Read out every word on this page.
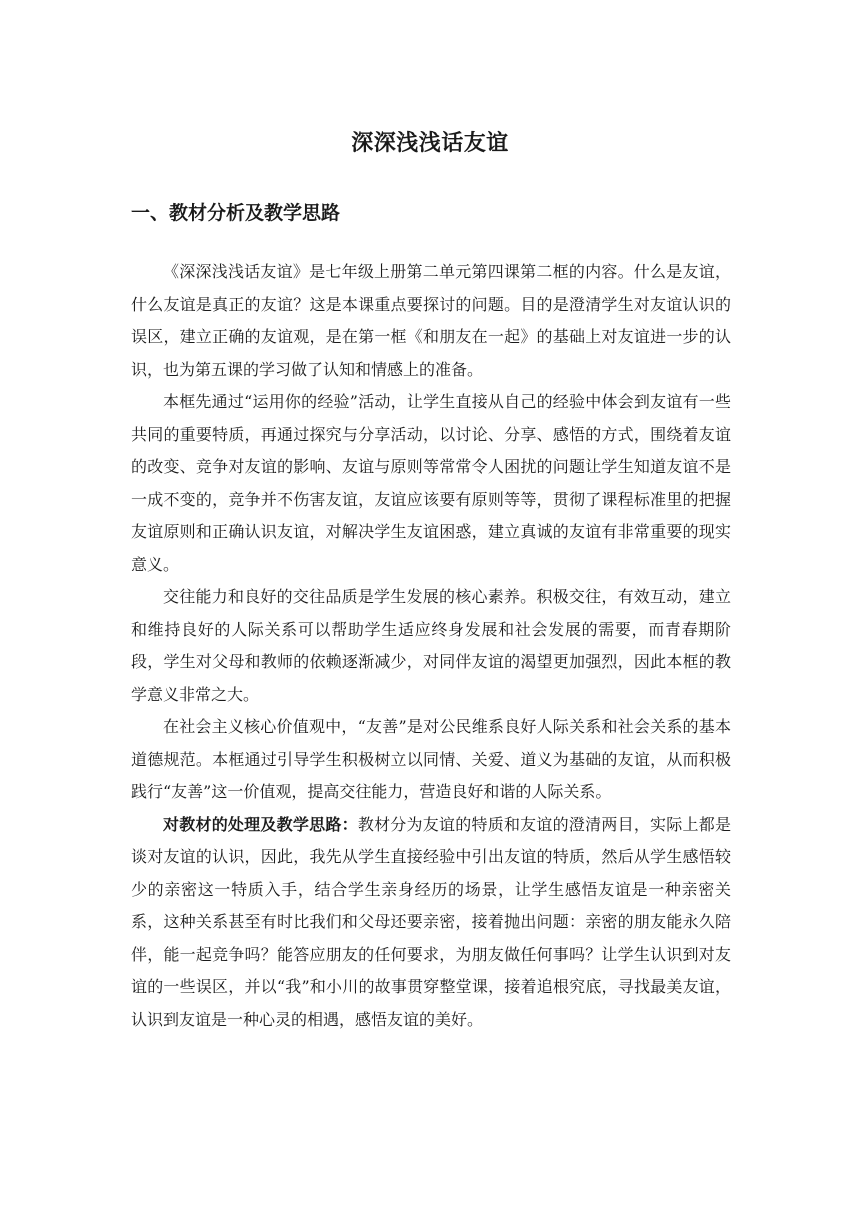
深深浅浅话友谊
一、教材分析及教学思路

《深深浅浅话友谊》是七年级上册第二单元第四课第二框的内容。什么是友谊，什么友谊是真正的友谊？这是本课重点要探讨的问题。目的是澄清学生对友谊认识的误区，建立正确的友谊观，是在第一框《和朋友在一起》的基础上对友谊进一步的认识，也为第五课的学习做了认知和情感上的准备。

本框先通过“运用你的经验”活动，让学生直接从自己的经验中体会到友谊有一些共同的重要特质，再通过探究与分享活动，以讨论、分享、感悟的方式，围绕着友谊的改变、竞争对友谊的影响、友谊与原则等常常令人困扰的问题让学生知道友谊不是一成不变的，竞争并不伤害友谊，友谊应该要有原则等等，贯彻了课程标准里的把握友谊原则和正确认识友谊，对解决学生友谊困惑，建立真诚的友谊有非常重要的现实意义。

交往能力和良好的交往品质是学生发展的核心素养。积极交往，有效互动，建立和维持良好的人际关系可以帮助学生适应终身发展和社会发展的需要，而青春期阶段，学生对父母和教师的依赖逐渐减少，对同伴友谊的渴望更加强烈，因此本框的教学意义非常之大。

在社会主义核心价值观中，“友善”是对公民维系良好人际关系和社会关系的基本道德规范。本框通过引导学生积极树立以同情、关爱、道义为基础的友谊，从而积极践行“友善”这一价值观，提高交往能力，营造良好和谐的人际关系。

对教材的处理及教学思路：教材分为友谊的特质和友谊的澄清两目，实际上都是谈对友谊的认识，因此，我先从学生直接经验中引出友谊的特质，然后从学生感悟较少的亲密这一特质入手，结合学生亲身经历的场景，让学生感悟友谊是一种亲密关系，这种关系甚至有时比我们和父母还要亲密，接着抛出问题：亲密的朋友能永久陪伴，能一起竞争吗？能答应朋友的任何要求，为朋友做任何事吗？让学生认识到对友谊的一些误区，并以“我”和小川的故事贯穿整堂课，接着追根究底，寻找最美友谊，认识到友谊是一种心灵的相遇，感悟友谊的美好。
